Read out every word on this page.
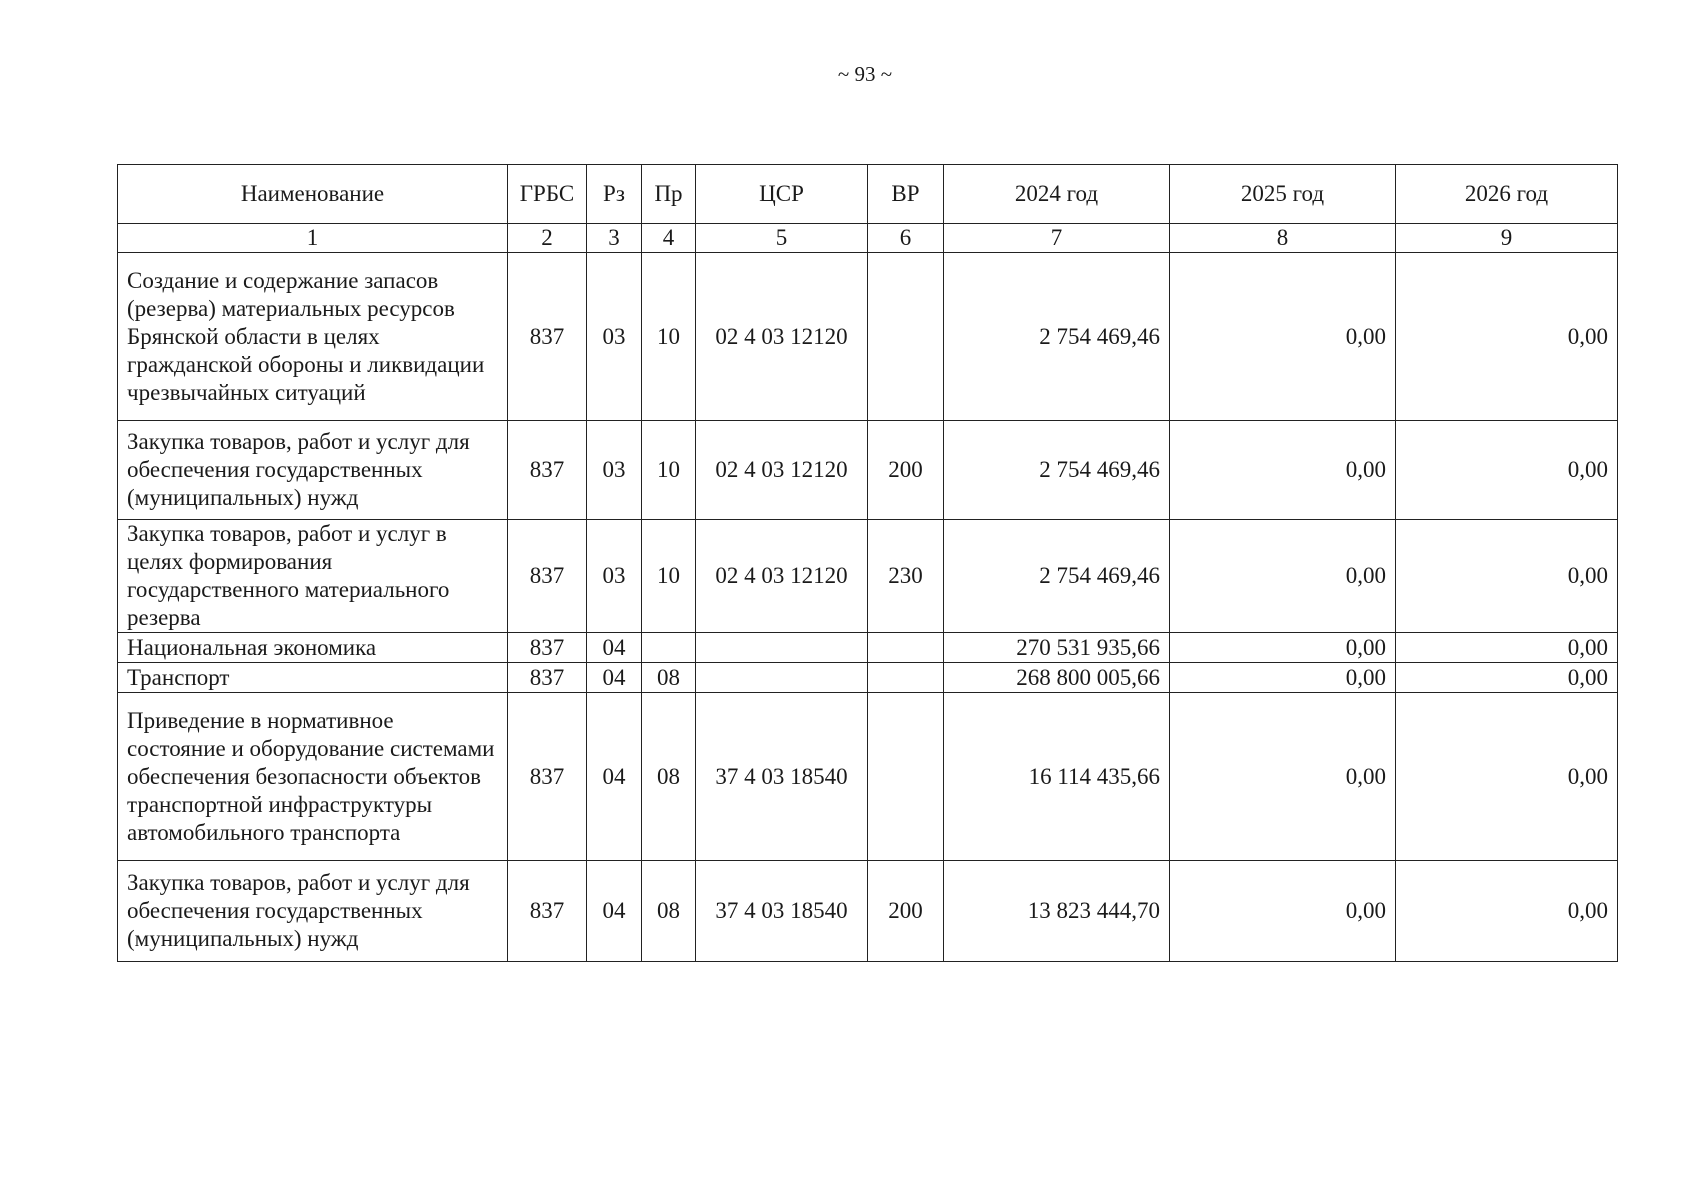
~ 93 ~
Наименование	ГРБС	Рз	Пр	ЦСР	ВР	2024 год	2025 год	2026 год
1	2	3	4	5	6	7	8	9
Создание и содержание запасов (резерва) материальных ресурсов Брянской области в целях гражданской обороны и ликвидации чрезвычайных ситуаций	837	03	10	02 4 03 12120		2 754 469,46	0,00	0,00
Закупка товаров, работ и услуг для обеспечения государственных (муниципальных) нужд	837	03	10	02 4 03 12120	200	2 754 469,46	0,00	0,00
Закупка товаров, работ и услуг в целях формирования государственного материального резерва	837	03	10	02 4 03 12120	230	2 754 469,46	0,00	0,00
Национальная экономика	837	04				270 531 935,66	0,00	0,00
Транспорт	837	04	08			268 800 005,66	0,00	0,00
Приведение в нормативное состояние и оборудование системами обеспечения безопасности объектов транспортной инфраструктуры автомобильного транспорта	837	04	08	37 4 03 18540		16 114 435,66	0,00	0,00
Закупка товаров, работ и услуг для обеспечения государственных (муниципальных) нужд	837	04	08	37 4 03 18540	200	13 823 444,70	0,00	0,00
